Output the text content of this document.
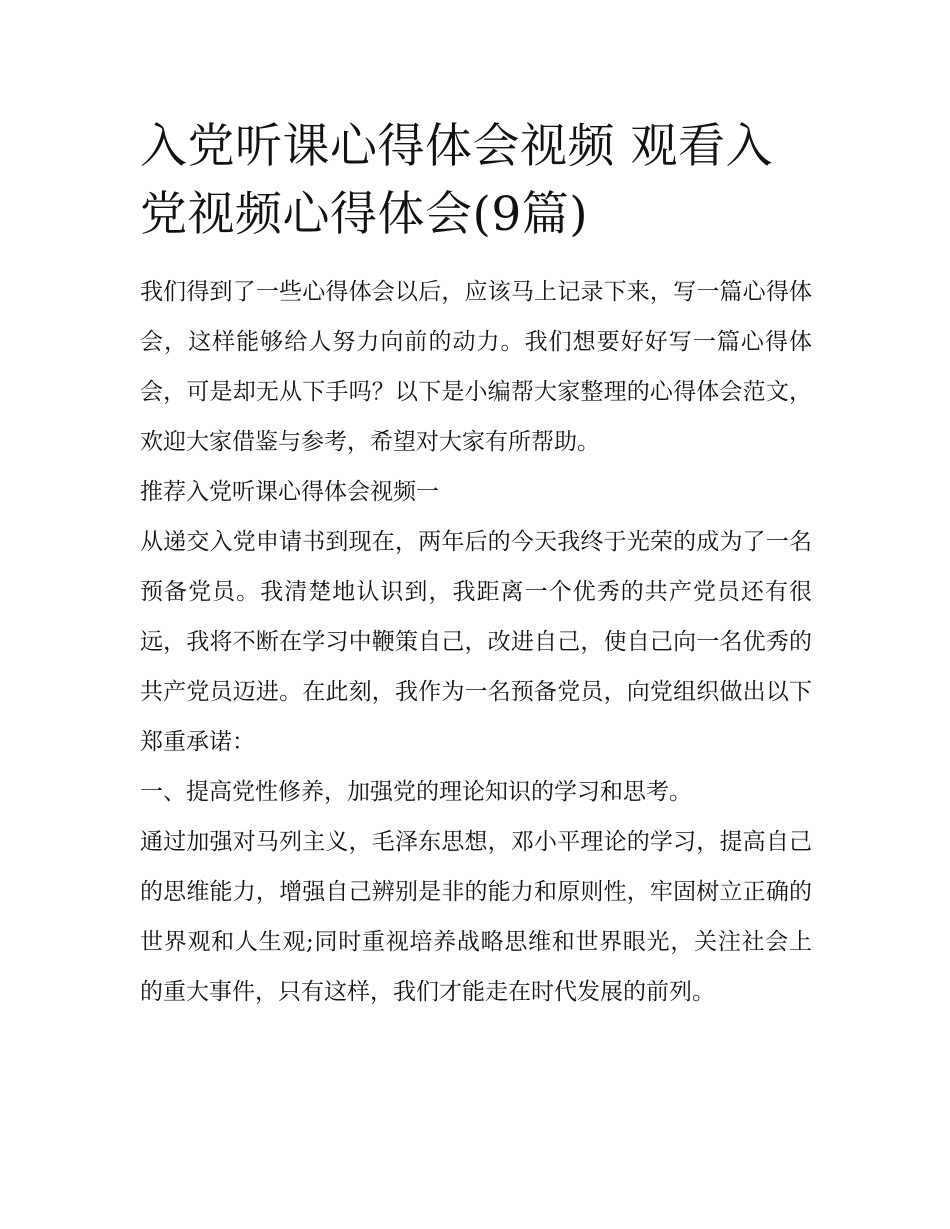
入党听课心得体会视频 观看入党视频心得体会(9篇)

我们得到了一些心得体会以后，应该马上记录下来，写一篇心得体会，这样能够给人努力向前的动力。我们想要好好写一篇心得体会，可是却无从下手吗？以下是小编帮大家整理的心得体会范文，欢迎大家借鉴与参考，希望对大家有所帮助。

推荐入党听课心得体会视频一

从递交入党申请书到现在，两年后的今天我终于光荣的成为了一名预备党员。我清楚地认识到，我距离一个优秀的共产党员还有很远，我将不断在学习中鞭策自己，改进自己，使自己向一名优秀的共产党员迈进。在此刻，我作为一名预备党员，向党组织做出以下郑重承诺：

一、提高党性修养，加强党的理论知识的学习和思考。

通过加强对马列主义，毛泽东思想，邓小平理论的学习，提高自己的思维能力，增强自己辨别是非的能力和原则性，牢固树立正确的世界观和人生观;同时重视培养战略思维和世界眼光，关注社会上的重大事件，只有这样，我们才能走在时代发展的前列。
